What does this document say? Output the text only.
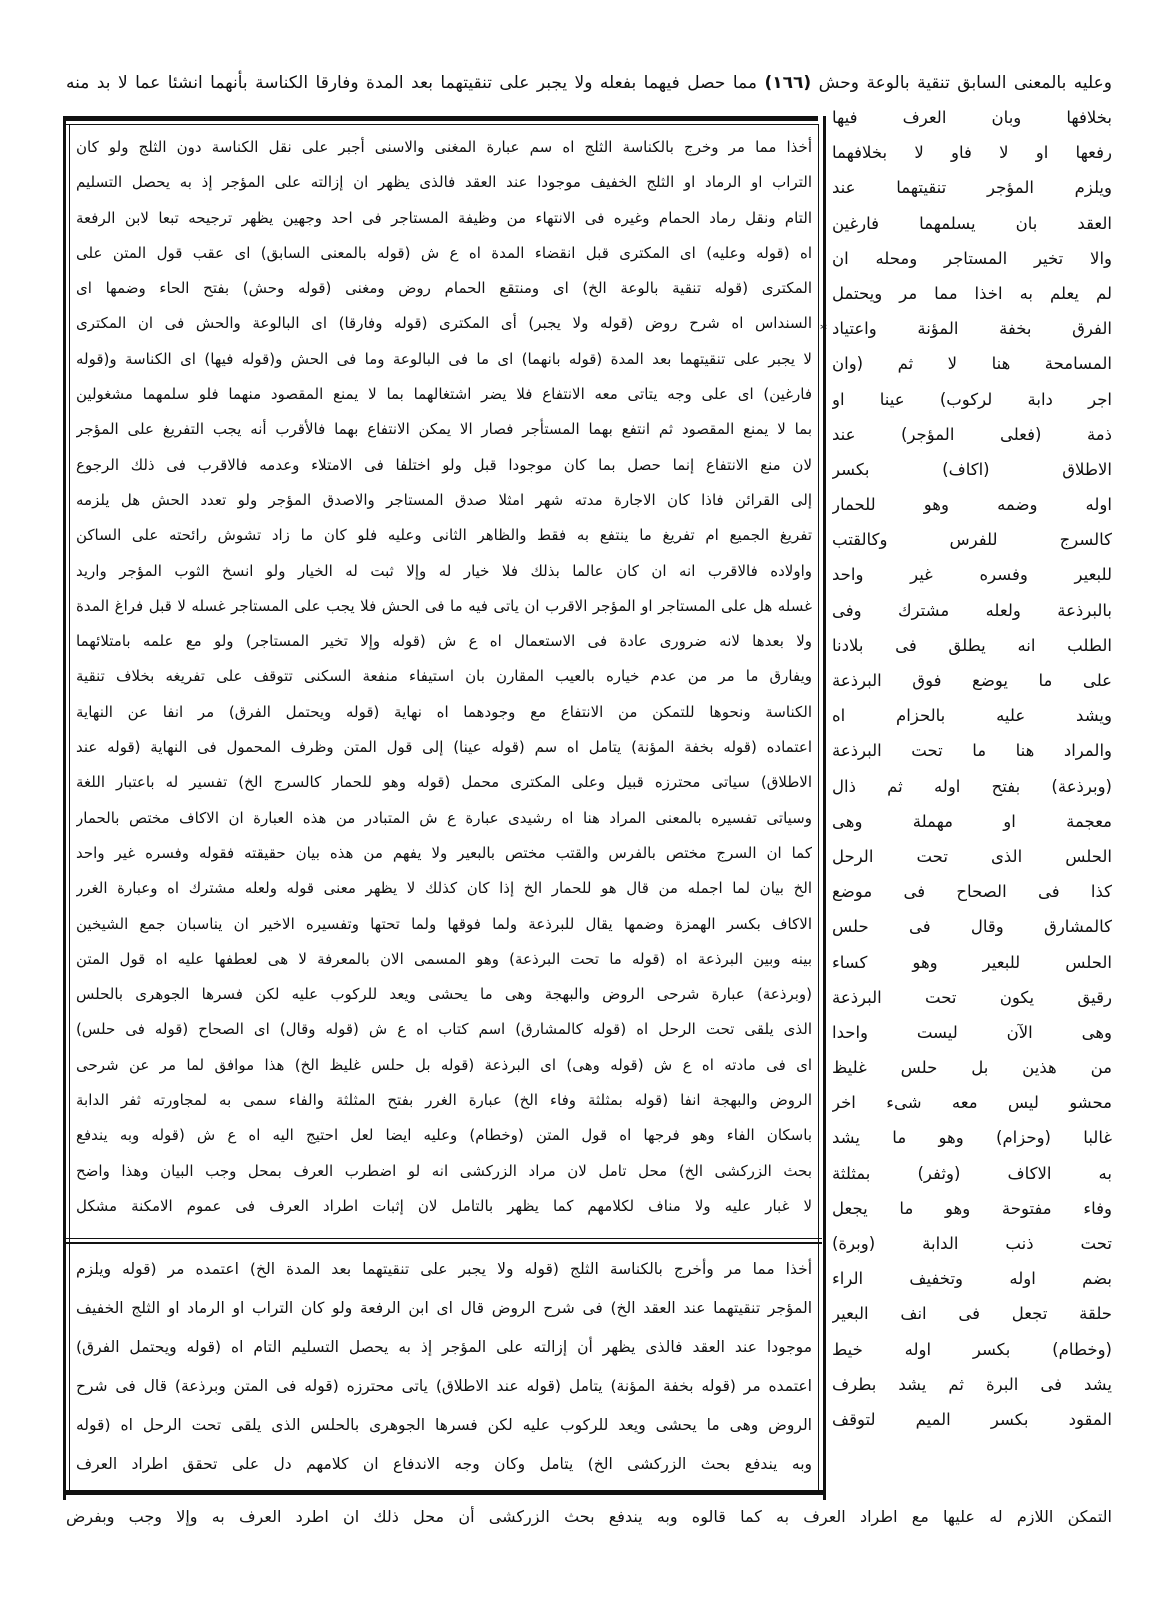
وعليه بالمعنى السابق تنقية بالوعة وحش (١٦٦) مما حصل فيهما بفعله ولا يجبر على تنقيتهما بعد المدة وفارقا الكناسة بأنهما انشئا عما لا بد منه
*
بخلافها وبان العرف فيها
رفعها او لا فاو لا بخلافهما
ويلزم المؤجر تنقيتهما عند
العقد بان يسلمهما فارغين
والا تخير المستاجر ومحله ان
لم يعلم به اخذا مما مر ويحتمل
الفرق بخفة المؤنة واعتياد
المسامحة هنا لا ثم (وان
اجر دابة لركوب) عينا او
ذمة (فعلى المؤجر) عند
الاطلاق (اكاف) بكسر
اوله وضمه وهو للحمار
كالسرج للفرس وكالقتب
للبعير وفسره غير واحد
بالبرذعة ولعله مشترك وفى
الطلب انه يطلق فى بلادنا
على ما يوضع فوق البرذعة
ويشد عليه بالحزام اه
والمراد هنا ما تحت البرذعة
(وبرذعة) بفتح اوله ثم ذال
معجمة او مهملة وهى
الحلس الذى تحت الرحل
كذا فى الصحاح فى موضع
كالمشارق وقال فى حلس
الحلس للبعير وهو كساء
رقيق يكون تحت البرذعة
وهى الآن ليست واحدا
من هذين بل حلس غليظ
محشو ليس معه شىء اخر
غالبا (وحزام) وهو ما يشد
به الاكاف (وثفر) بمثلثة
وفاء مفتوحة وهو ما يجعل
تحت ذنب الدابة (وبرة)
بضم اوله وتخفيف الراء
حلقة تجعل فى انف البعير
(وخطام) بكسر اوله خيط
يشد فى البرة ثم يشد بطرف
المقود بكسر الميم لتوقف
أخذا مما مر وخرج بالكناسة الثلج اه سم عبارة المغنى والاسنى أجبر على نقل الكناسة دون الثلج ولو كان
التراب او الرماد او الثلج الخفيف موجودا عند العقد فالذى يظهر ان إزالته على المؤجر إذ به يحصل التسليم
التام ونقل رماد الحمام وغيره فى الانتهاء من وظيفة المستاجر فى احد وجهين يظهر ترجيحه تبعا لابن الرفعة
اه (قوله وعليه) اى المكترى قبل انقضاء المدة اه ع ش (قوله بالمعنى السابق) اى عقب قول المتن على
المكترى (قوله تنقية بالوعة الخ) اى ومنتقع الحمام روض ومغنى (قوله وحش) بفتح الحاء وضمها اى
السنداس اه شرح روض (قوله ولا يجبر) أى المكترى (قوله وفارقا) اى البالوعة والحش فى ان المكترى
لا يجبر على تنقيتهما بعد المدة (قوله بانهما) اى ما فى البالوعة وما فى الحش و(قوله فيها) اى الكناسة و(قوله
فارغين) اى على وجه يتاتى معه الانتفاع فلا يضر اشتغالهما بما لا يمنع المقصود منهما فلو سلمهما مشغولين
بما لا يمنع المقصود ثم انتفع بهما المستأجر فصار الا يمكن الانتفاع بهما فالأقرب أنه يجب التفريغ على المؤجر
لان منع الانتفاع إنما حصل بما كان موجودا قبل ولو اختلفا فى الامتلاء وعدمه فالاقرب فى ذلك الرجوع
إلى القرائن فاذا كان الاجارة مدته شهر امثلا صدق المستاجر والاصدق المؤجر ولو تعدد الحش هل يلزمه
تفريغ الجميع ام تفريغ ما ينتفع به فقط والظاهر الثانى وعليه فلو كان ما زاد تشوش رائحته على الساكن
واولاده فالاقرب انه ان كان عالما بذلك فلا خيار له وإلا ثبت له الخيار ولو انسخ الثوب المؤجر واريد
غسله هل على المستاجر او المؤجر الاقرب ان ياتى فيه ما فى الحش فلا يجب على المستاجر غسله لا قبل فراغ المدة
ولا بعدها لانه ضرورى عادة فى الاستعمال اه ع ش (قوله وإلا تخير المستاجر) ولو مع علمه بامتلائهما
ويفارق ما مر من عدم خياره بالعيب المقارن بان استيفاء منفعة السكنى تتوقف على تفريغه بخلاف تنقية
الكناسة ونحوها للتمكن من الانتفاع مع وجودهما اه نهاية (قوله ويحتمل الفرق) مر انفا عن النهاية
اعتماده (قوله بخفة المؤنة) يتامل اه سم (قوله عينا) إلى قول المتن وظرف المحمول فى النهاية (قوله عند
الاطلاق) سياتى محترزه قبيل وعلى المكترى محمل (قوله وهو للحمار كالسرج الخ) تفسير له باعتبار اللغة
وسياتى تفسيره بالمعنى المراد هنا اه رشيدى عبارة ع ش المتبادر من هذه العبارة ان الاكاف مختص بالحمار
كما ان السرج مختص بالفرس والقتب مختص بالبعير ولا يفهم من هذه بيان حقيقته فقوله وفسره غير واحد
الخ بيان لما اجمله من قال هو للحمار الخ إذا كان كذلك لا يظهر معنى قوله ولعله مشترك اه وعبارة الغرر
الاكاف بكسر الهمزة وضمها يقال للبرذعة ولما فوقها ولما تحتها وتفسيره الاخير ان يناسبان جمع الشيخين
بينه وبين البرذعة اه (قوله ما تحت البرذعة) وهو المسمى الان بالمعرفة لا هى لعطفها عليه اه قول المتن
(وبرذعة) عبارة شرحى الروض والبهجة وهى ما يحشى ويعد للركوب عليه لكن فسرها الجوهرى بالحلس
الذى يلقى تحت الرحل اه (قوله كالمشارق) اسم كتاب اه ع ش (قوله وقال) اى الصحاح (قوله فى حلس)
اى فى مادته اه ع ش (قوله وهى) اى البرذعة (قوله بل حلس غليظ الخ) هذا موافق لما مر عن شرحى
الروض والبهجة انفا (قوله بمثلثة وفاء الخ) عبارة الغرر بفتح المثلثة والفاء سمى به لمجاورته ثفر الدابة
باسكان الفاء وهو فرجها اه قول المتن (وخطام) وعليه ايضا لعل احتيج اليه اه ع ش (قوله وبه يندفع
بحث الزركشى الخ) محل تامل لان مراد الزركشى انه لو اضطرب العرف بمحل وجب البيان وهذا واضح
لا غبار عليه ولا مناف لكلامهم كما يظهر بالتامل لان إثبات اطراد العرف فى عموم الامكنة مشكل
أخذا مما مر وأخرج بالكناسة الثلج (قوله ولا يجبر على تنقيتهما بعد المدة الخ) اعتمده مر (قوله ويلزم
المؤجر تنقيتهما عند العقد الخ) فى شرح الروض قال اى ابن الرفعة ولو كان التراب او الرماد او الثلج الخفيف
موجودا عند العقد فالذى يظهر أن إزالته على المؤجر إذ به يحصل التسليم التام اه (قوله ويحتمل الفرق)
اعتمده مر (قوله بخفة المؤنة) يتامل (قوله عند الاطلاق) ياتى محترزه (قوله فى المتن وبرذعة) قال فى شرح
الروض وهى ما يحشى ويعد للركوب عليه لكن فسرها الجوهرى بالحلس الذى يلقى تحت الرحل اه (قوله
وبه يندفع بحث الزركشى الخ) يتامل وكان وجه الاندفاع ان كلامهم دل على تحقق اطراد العرف
التمكن اللازم له عليها مع اطراد العرف به كما قالوه وبه يندفع بحث الزركشى أن محل ذلك ان اطرد العرف به وإلا وجب وبفرض
